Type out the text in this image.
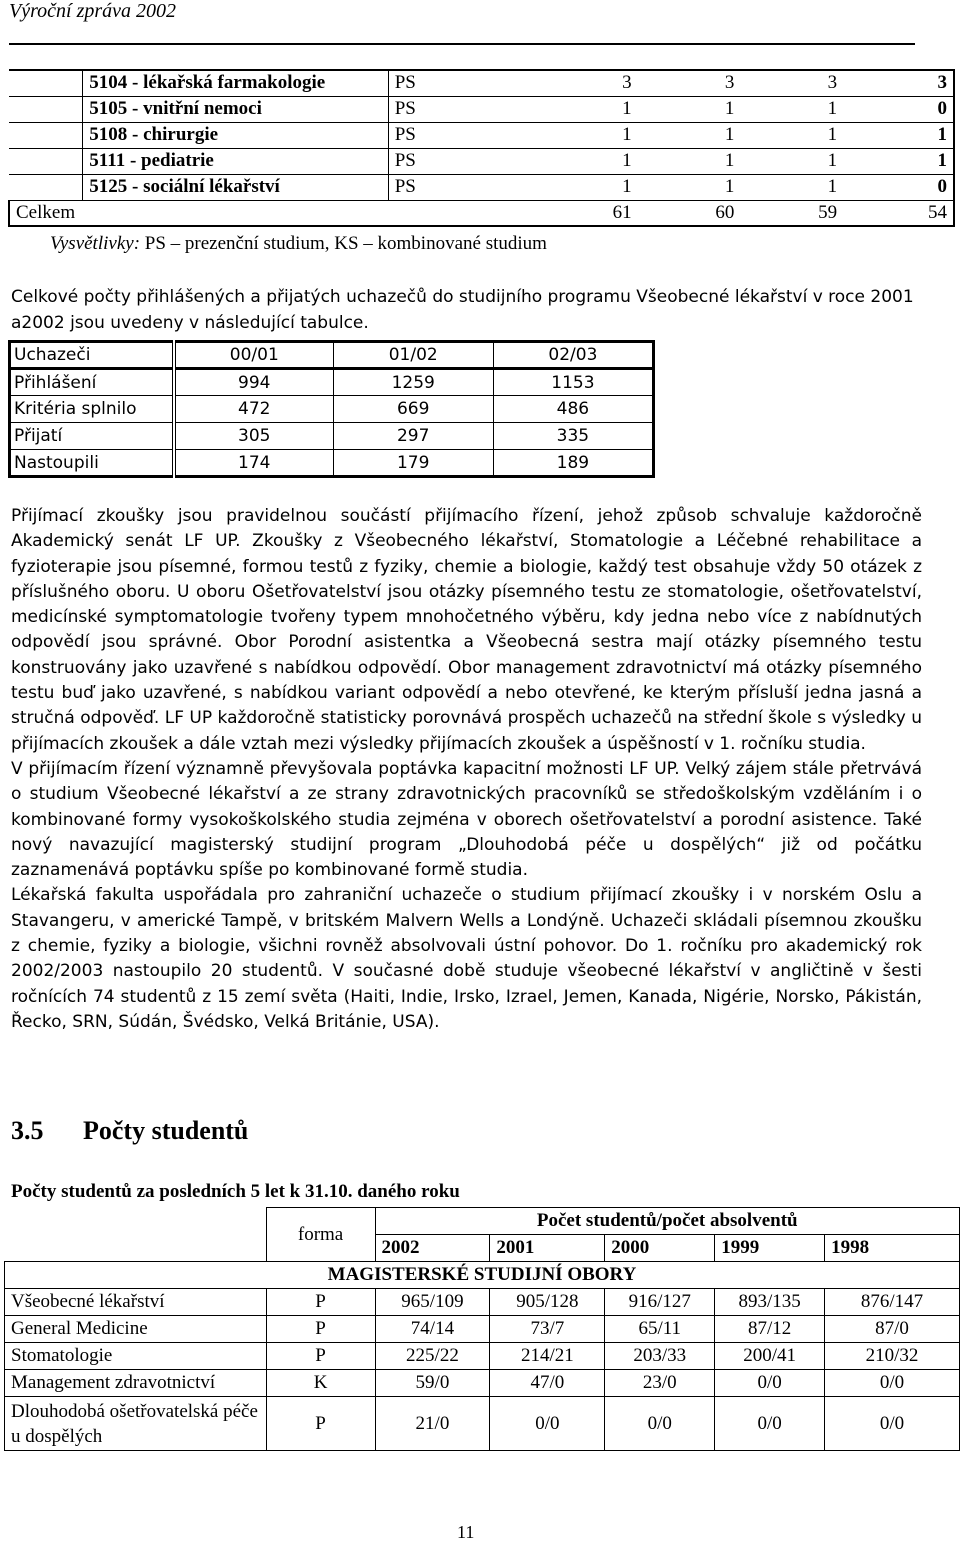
Výroční zpráva 2002
	5104 - lékařská farmakologie	PS	3	3	3	3
	5105 - vnitřní nemoci	PS	1	1	1	0
	5108 - chirurgie	PS	1	1	1	1
	5111 - pediatrie	PS	1	1	1	1
	5125 - sociální lékařství	PS	1	1	1	0
Celkem			61	60	59	54
Vysvětlivky: PS – prezenční studium, KS – kombinované studium
Celkové počty přihlášených a přijatých uchazečů do studijního programu Všeobecné lékařství v roce 2001 a2002 jsou uvedeny v následující tabulce.
Uchazeči	00/01	01/02	02/03
Přihlášení	994	1259	1153
Kritéria splnilo	472	669	486
Přijatí	305	297	335
Nastoupili	174	179	189

Přijímací zkoušky jsou pravidelnou součástí přijímacího řízení, jehož způsob schvaluje každoročně Akademický senát LF UP. Zkoušky z Všeobecného lékařství, Stomatologie a Léčebné rehabilitace a fyzioterapie jsou písemné, formou testů z fyziky, chemie a biologie, každý test obsahuje vždy 50 otázek z příslušného oboru. U oboru Ošetřovatelství jsou otázky písemného testu ze stomatologie, ošetřovatelství, medicínské symptomatologie tvořeny typem mnohočetného výběru, kdy jedna nebo více z nabídnutých odpovědí jsou správné. Obor Porodní asistentka a Všeobecná sestra mají otázky písemného testu konstruovány jako uzavřené s nabídkou odpovědí. Obor management zdravotnictví má otázky písemného testu buď jako uzavřené, s nabídkou variant odpovědí a nebo otevřené, ke kterým přísluší jedna jasná a stručná odpověď. LF UP každoročně statisticky porovnává prospěch uchazečů na střední škole s výsledky u přijímacích zkoušek a dále vztah mezi výsledky přijímacích zkoušek a úspěšností v 1. ročníku studia.

V přijímacím řízení významně převyšovala poptávka kapacitní možnosti LF UP. Velký zájem stále přetrvává o studium Všeobecné lékařství a ze strany zdravotnických pracovníků se středoškolským vzděláním i o kombinované formy vysokoškolského studia zejména v oborech ošetřovatelství a porodní asistence. Také nový navazující magisterský studijní program „Dlouhodobá péče u dospělých“ již od počátku zaznamenává poptávku spíše po kombinované formě studia.

Lékařská fakulta uspořádala pro zahraniční uchazeče o studium přijímací zkoušky i v norském Oslu a Stavangeru, v americké Tampě, v britském Malvern Wells a Londýně. Uchazeči skládali písemnou zkoušku z chemie, fyziky a biologie, všichni rovněž absolvovali ústní pohovor. Do 1. ročníku pro akademický rok 2002/2003 nastoupilo 20 studentů. V současné době studuje všeobecné lékařství v angličtině v šesti ročnících 74 studentů z 15 zemí světa (Haiti, Indie, Irsko, Izrael, Jemen, Kanada, Nigérie, Norsko, Pákistán, Řecko, SRN, Súdán, Švédsko, Velká Británie, USA).

3.5 Počty studentů
Počty studentů za posledních 5 let k 31.10. daného roku
	forma	Počet studentů/počet absolventů				
		2002	2001	2000	1999	1998
MAGISTERSKÉ STUDIJNÍ OBORY						
Všeobecné lékařství	P	965/109	905/128	916/127	893/135	876/147
General Medicine	P	74/14	73/7	65/11	87/12	87/0
Stomatologie	P	225/22	214/21	203/33	200/41	210/32
Management zdravotnictví	K	59/0	47/0	23/0	0/0	0/0
Dlouhodobá ošetřovatelská péče u dospělých	P	21/0	0/0	0/0	0/0	0/0
11
